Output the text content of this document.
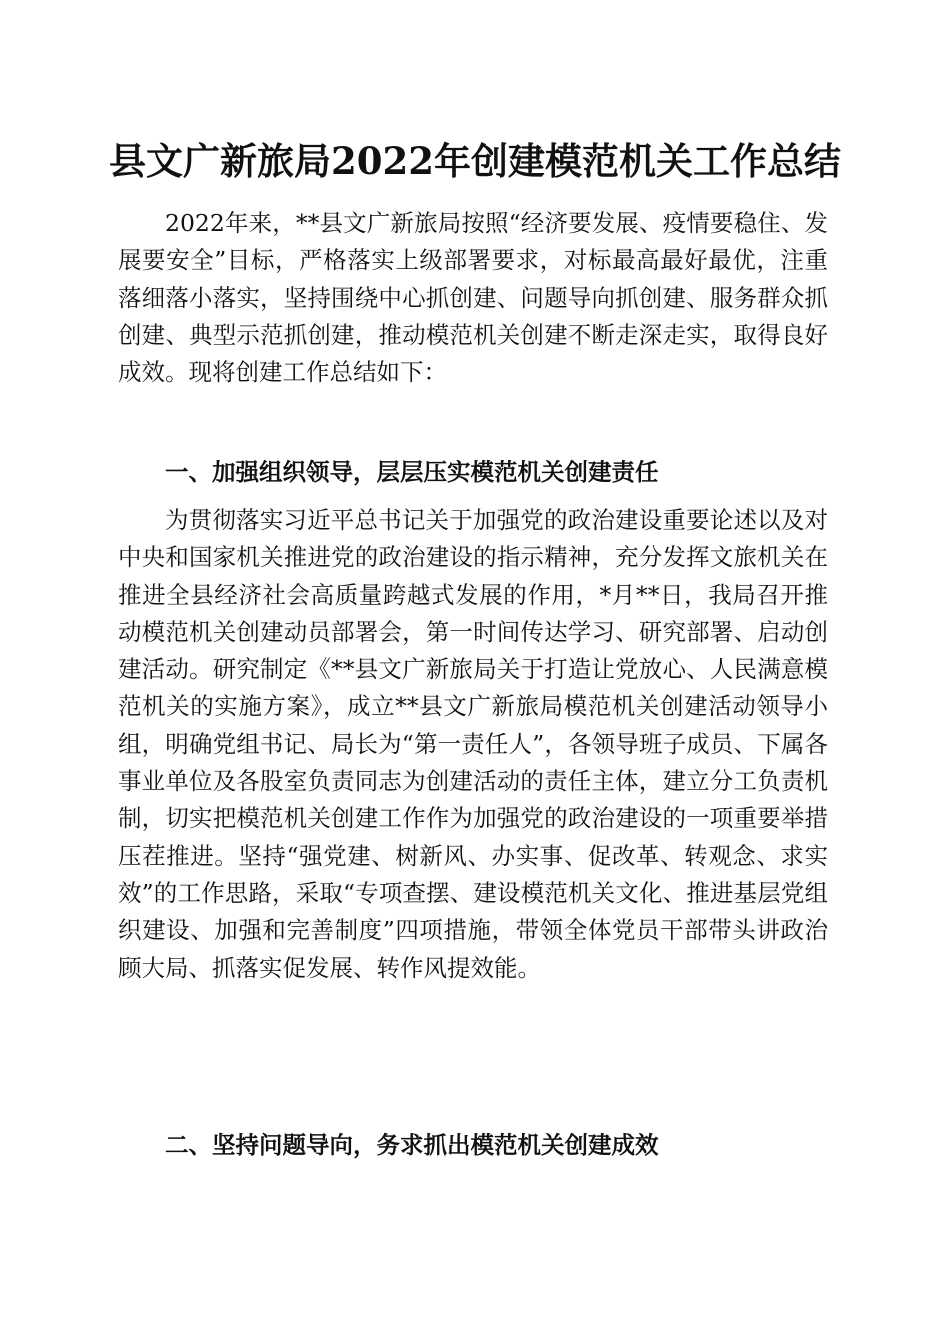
县文广新旅局2022年创建模范机关工作总结

2022年来，**县文广新旅局按照“经济要发展、疫情要稳住、发展要安全”目标，严格落实上级部署要求，对标最高最好最优，注重落细落小落实，坚持围绕中心抓创建、问题导向抓创建、服务群众抓创建、典型示范抓创建，推动模范机关创建不断走深走实，取得良好成效。现将创建工作总结如下：

一、加强组织领导，层层压实模范机关创建责任

为贯彻落实习近平总书记关于加强党的政治建设重要论述以及对中央和国家机关推进党的政治建设的指示精神，充分发挥文旅机关在推进全县经济社会高质量跨越式发展的作用，*月**日，我局召开推动模范机关创建动员部署会，第一时间传达学习、研究部署、启动创建活动。研究制定《**县文广新旅局关于打造让党放心、人民满意模范机关的实施方案》，成立**县文广新旅局模范机关创建活动领导小组，明确党组书记、局长为“第一责任人”，各领导班子成员、下属各事业单位及各股室负责同志为创建活动的责任主体，建立分工负责机制，切实把模范机关创建工作作为加强党的政治建设的一项重要举措压茬推进。坚持“强党建、树新风、办实事、促改革、转观念、求实效”的工作思路，采取“专项查摆、建设模范机关文化、推进基层党组织建设、加强和完善制度”四项措施，带领全体党员干部带头讲政治顾大局、抓落实促发展、转作风提效能。

二、坚持问题导向，务求抓出模范机关创建成效
